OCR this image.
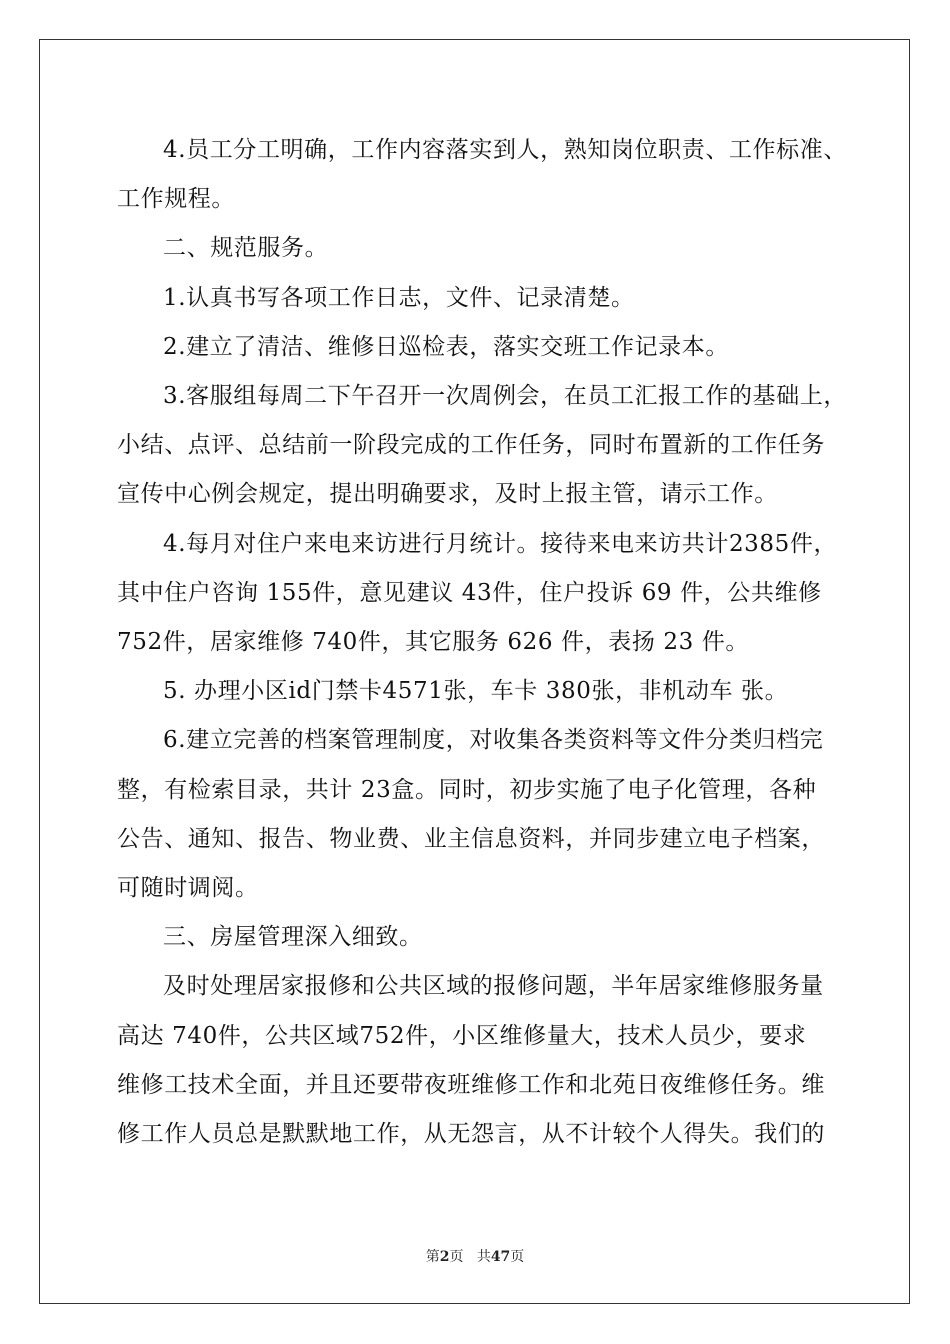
4.员工分工明确，工作内容落实到人，熟知岗位职责、工作标准、
工作规程。
二、规范服务。
1.认真书写各项工作日志，文件、记录清楚。
2.建立了清洁、维修日巡检表，落实交班工作记录本。
3.客服组每周二下午召开一次周例会，在员工汇报工作的基础上，
小结、点评、总结前一阶段完成的工作任务，同时布置新的工作任务
宣传中心例会规定，提出明确要求，及时上报主管，请示工作。
4.每月对住户来电来访进行月统计。接待来电来访共计2385件，
其中住户咨询 155件，意见建议 43件，住户投诉 69 件，公共维修
752件，居家维修 740件，其它服务 626 件，表扬 23 件。
5. 办理小区id门禁卡4571张，车卡 380张，非机动车 张。
6.建立完善的档案管理制度，对收集各类资料等文件分类归档完
整，有检索目录，共计 23盒。同时，初步实施了电子化管理，各种
公告、通知、报告、物业费、业主信息资料，并同步建立电子档案，
可随时调阅。
三、房屋管理深入细致。
及时处理居家报修和公共区域的报修问题，半年居家维修服务量
高达 740件，公共区域752件，小区维修量大，技术人员少，要求
维修工技术全面，并且还要带夜班维修工作和北苑日夜维修任务。维
修工作人员总是默默地工作，从无怨言，从不计较个人得失。我们的
第2页 共47页
